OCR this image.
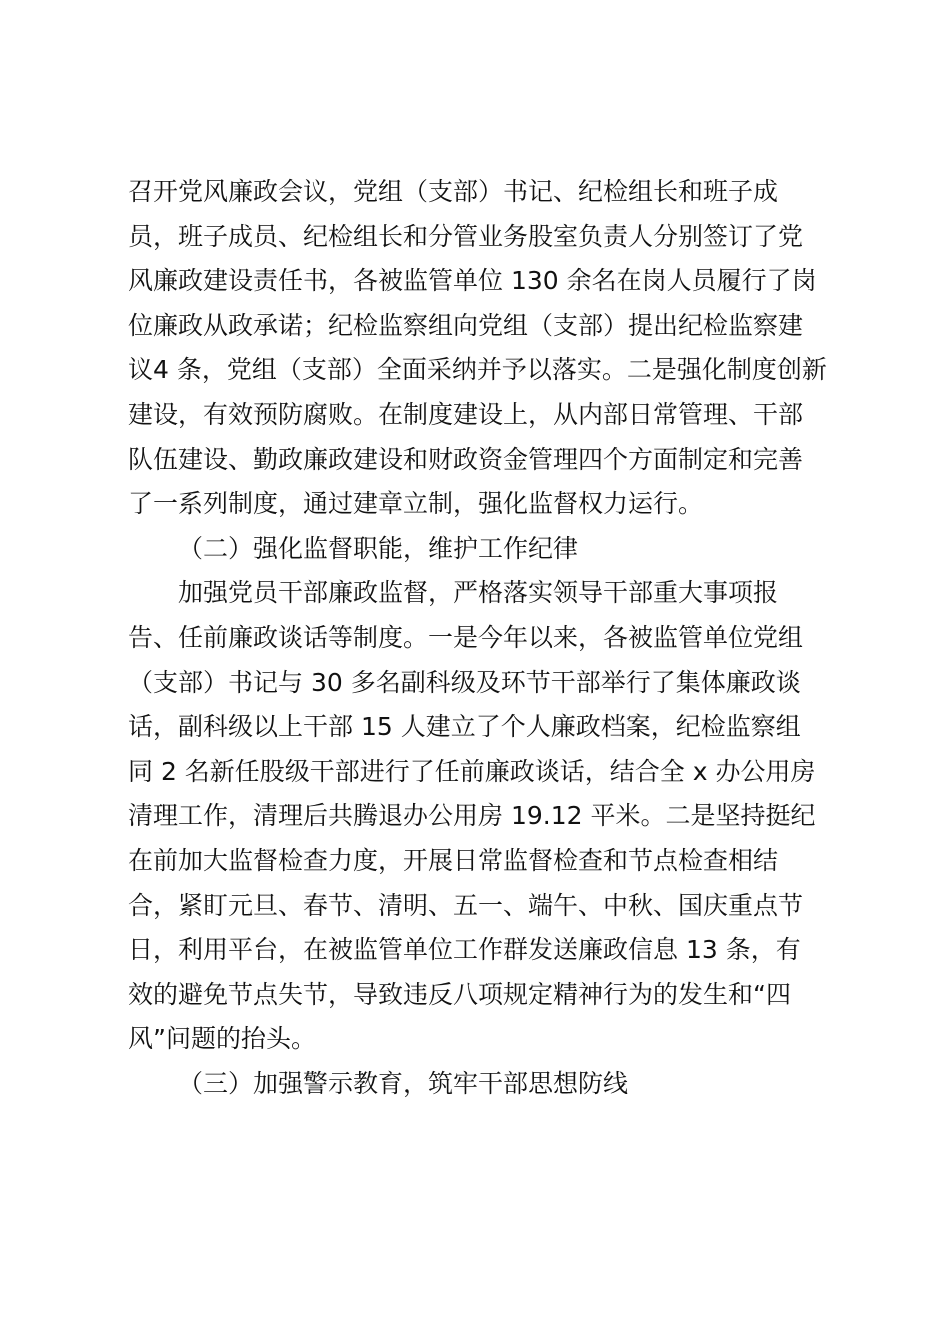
召开党风廉政会议，党组（支部）书记、纪检组长和班子成
员，班子成员、纪检组长和分管业务股室负责人分别签订了党
风廉政建设责任书，各被监管单位 130 余名在岗人员履行了岗
位廉政从政承诺；纪检监察组向党组（支部）提出纪检监察建
议4 条，党组（支部）全面采纳并予以落实。二是强化制度创新
建设，有效预防腐败。在制度建设上，从内部日常管理、干部
队伍建设、勤政廉政建设和财政资金管理四个方面制定和完善
了一系列制度，通过建章立制，强化监督权力运行。
（二）强化监督职能，维护工作纪律
加强党员干部廉政监督，严格落实领导干部重大事项报
告、任前廉政谈话等制度。一是今年以来，各被监管单位党组
（支部）书记与 30 多名副科级及环节干部举行了集体廉政谈
话，副科级以上干部 15 人建立了个人廉政档案，纪检监察组
同 2 名新任股级干部进行了任前廉政谈话，结合全 x 办公用房
清理工作，清理后共腾退办公用房 19.12 平米。二是坚持挺纪
在前加大监督检查力度，开展日常监督检查和节点检查相结
合，紧盯元旦、春节、清明、五一、端午、中秋、国庆重点节
日，利用平台，在被监管单位工作群发送廉政信息 13 条，有
效的避免节点失节，导致违反八项规定精神行为的发生和“四
风”问题的抬头。
（三）加强警示教育，筑牢干部思想防线
